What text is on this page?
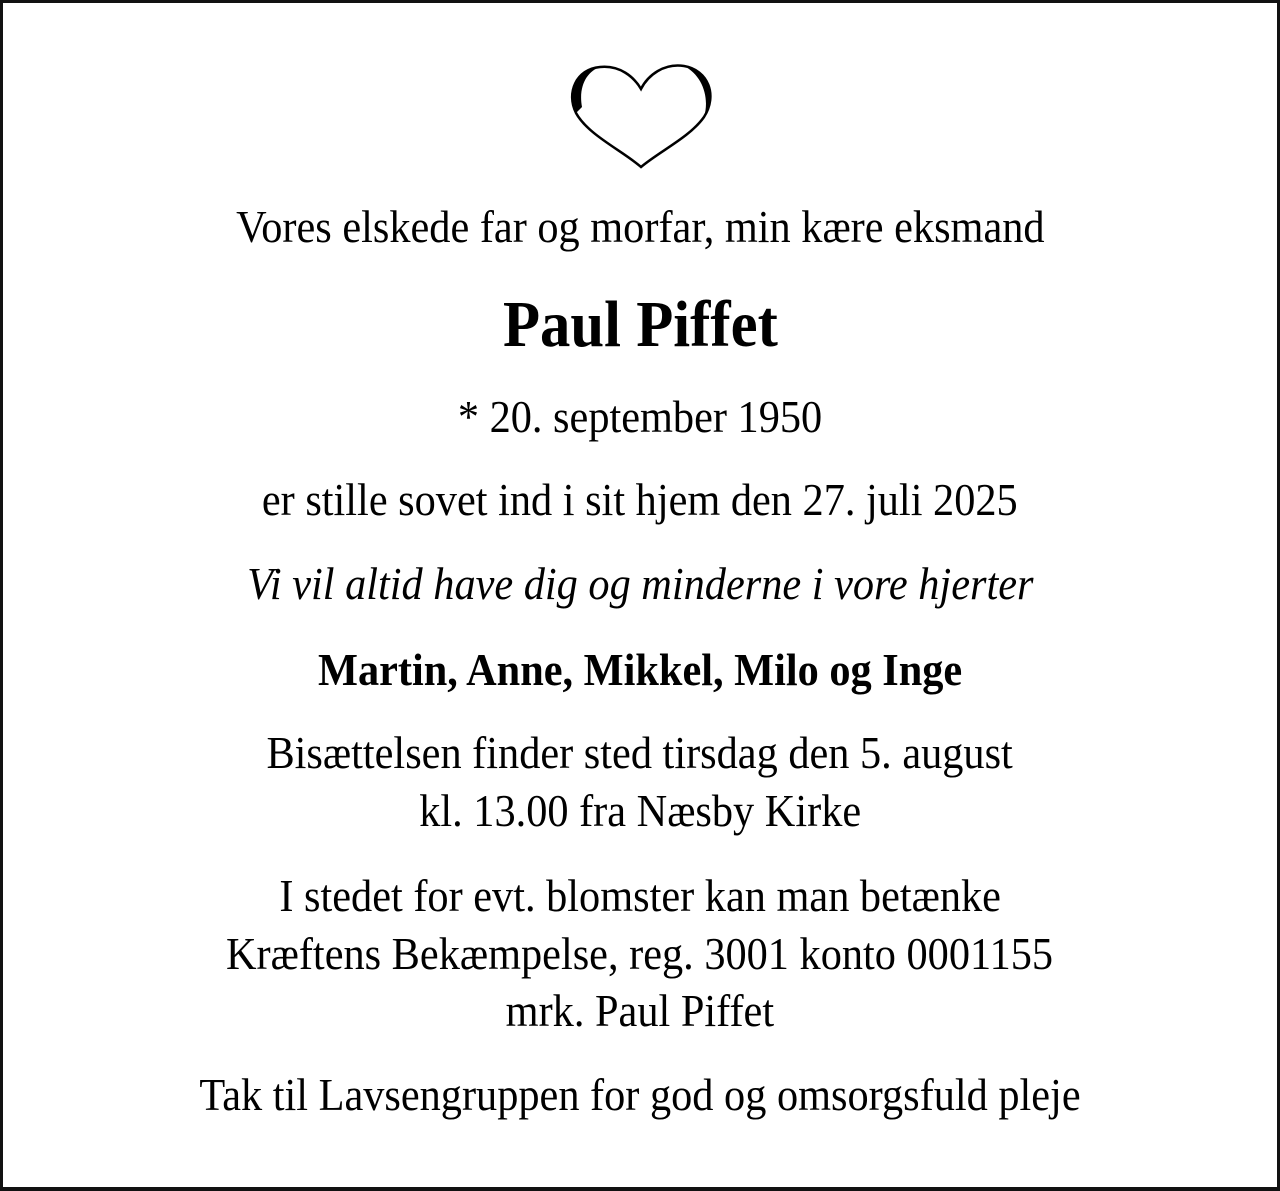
Vores elskede far og morfar, min kære eksmand
Paul Piffet
* 20. september 1950
er stille sovet ind i sit hjem den 27. juli 2025
Vi vil altid have dig og minderne i vore hjerter
Martin, Anne, Mikkel, Milo og Inge
Bisættelsen finder sted tirsdag den 5. august
kl. 13.00 fra Næsby Kirke
I stedet for evt. blomster kan man betænke
Kræftens Bekæmpelse, reg. 3001 konto 0001155
mrk. Paul Piffet
Tak til Lavsengruppen for god og omsorgsfuld pleje
